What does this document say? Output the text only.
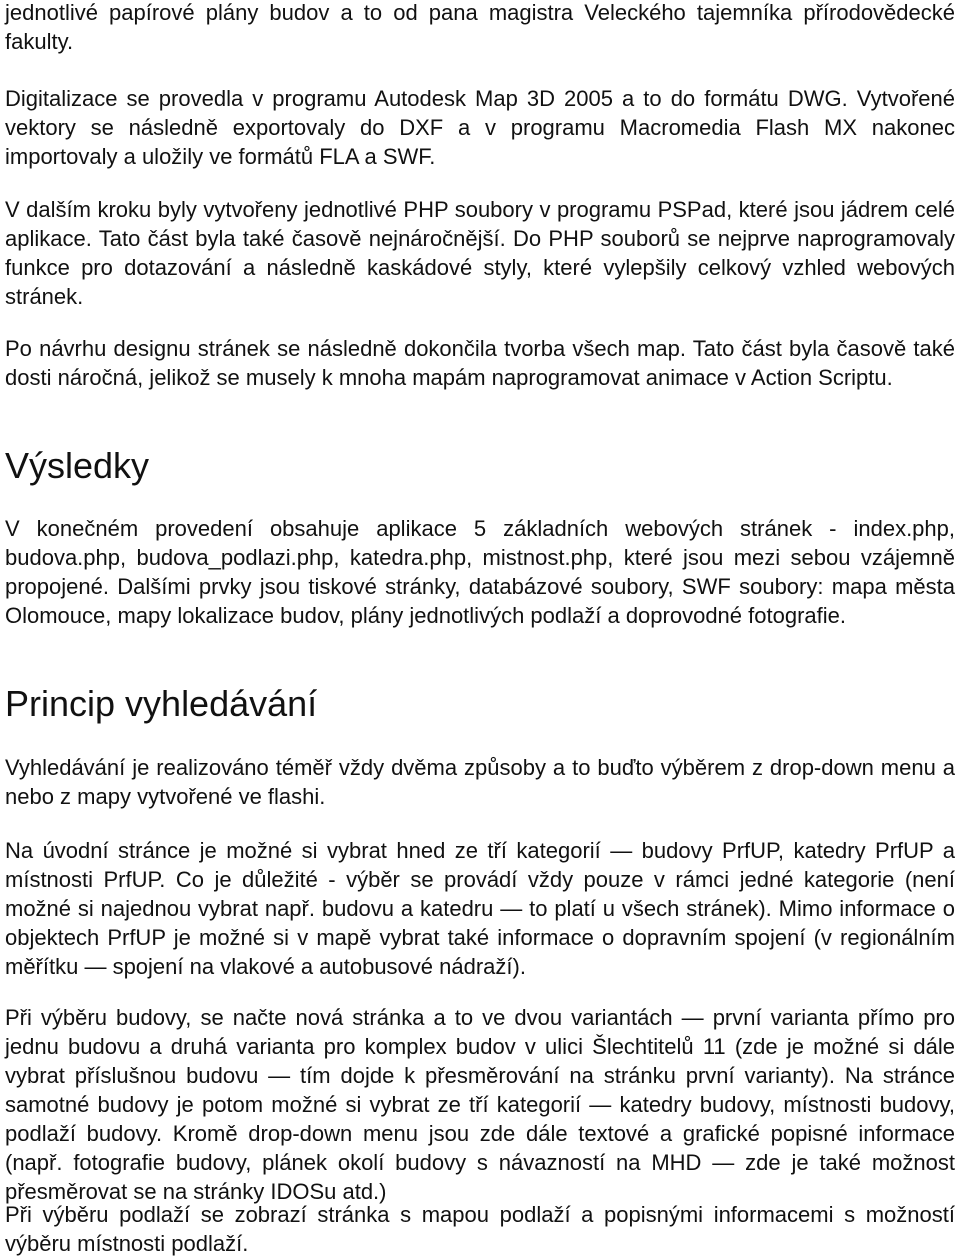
jednotlivé papírové plány budov a to od pana magistra Veleckého tajemníka přírodovědecké fakulty.

Digitalizace se provedla v programu Autodesk Map 3D 2005 a to do formátu DWG. Vytvořené vektory se následně exportovaly do DXF a v programu Macromedia Flash MX nakonec importovaly a uložily ve formátů FLA a SWF.

V dalším kroku byly vytvořeny jednotlivé PHP soubory v programu PSPad, které jsou jádrem celé aplikace. Tato část byla také časově nejnáročnější. Do PHP souborů se nejprve naprogramovaly funkce pro dotazování a následně kaskádové styly, které vylepšily celkový vzhled webových stránek.

Po návrhu designu stránek se následně dokončila tvorba všech map. Tato část byla časově také dosti náročná, jelikož se musely k mnoha mapám naprogramovat animace v Action Scriptu.

Výsledky

V konečném provedení obsahuje aplikace 5 základních webových stránek - index.php, budova.php, budova_podlazi.php, katedra.php, mistnost.php, které jsou mezi sebou vzájemně propojené. Dalšími prvky jsou tiskové stránky, databázové soubory, SWF soubory: mapa města Olomouce, mapy lokalizace budov, plány jednotlivých podlaží a doprovodné fotografie.

Princip vyhledávání

Vyhledávání je realizováno téměř vždy dvěma způsoby a to buďto výběrem z drop-down menu a nebo z mapy vytvořené ve flashi.

Na úvodní stránce je možné si vybrat hned ze tří kategorií — budovy PrfUP, katedry PrfUP a místnosti PrfUP. Co je důležité - výběr se provádí vždy pouze v rámci jedné kategorie (není možné si najednou vybrat např. budovu a katedru — to platí u všech stránek). Mimo informace o objektech PrfUP je možné si v mapě vybrat také informace o dopravním spojení (v regionálním měřítku — spojení na vlakové a autobusové nádraží).

Při výběru budovy, se načte nová stránka a to ve dvou variantách — první varianta přímo pro jednu budovu a druhá varianta pro komplex budov v ulici Šlechtitelů 11 (zde je možné si dále vybrat příslušnou budovu — tím dojde k přesměrování na stránku první varianty). Na stránce samotné budovy je potom možné si vybrat ze tří kategorií — katedry budovy, místnosti budovy, podlaží budovy. Kromě drop-down menu jsou zde dále textové a grafické popisné informace (např. fotografie budovy, plánek okolí budovy s návazností na MHD — zde je také možnost přesměrovat se na stránky IDOSu atd.)

Při výběru podlaží se zobrazí stránka s mapou podlaží a popisnými informacemi s možností výběru místnosti podlaží.
